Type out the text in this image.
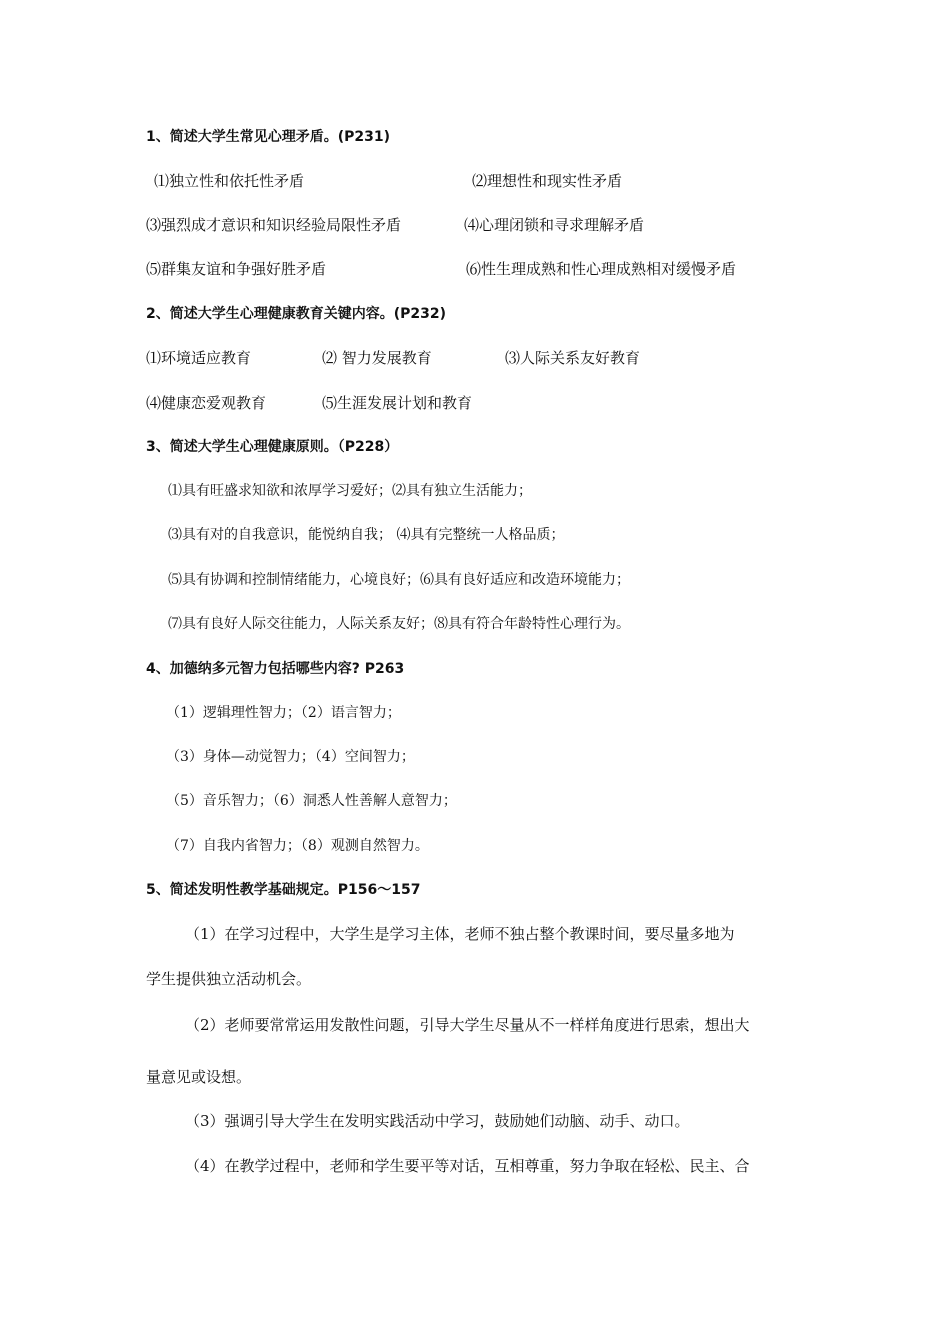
1、简述大学生常见心理矛盾。(P231)
⑴独立性和依托性矛盾	⑵理想性和现实性矛盾
⑶强烈成才意识和知识经验局限性矛盾	⑷心理闭锁和寻求理解矛盾
⑸群集友谊和争强好胜矛盾	⑹性生理成熟和性心理成熟相对缓慢矛盾
2、简述大学生心理健康教育关键内容。(P232)
⑴环境适应教育	⑵ 智力发展教育	⑶人际关系友好教育
⑷健康恋爱观教育	⑸生涯发展计划和教育
3、简述大学生心理健康原则。（P228）
⑴具有旺盛求知欲和浓厚学习爱好；⑵具有独立生活能力；
⑶具有对的自我意识，能悦纳自我； ⑷具有完整统一人格品质；
⑸具有协调和控制情绪能力，心境良好；⑹具有良好适应和改造环境能力；
⑺具有良好人际交往能力，人际关系友好；⑻具有符合年龄特性心理行为。
4、加德纳多元智力包括哪些内容? P263
（1）逻辑理性智力；（2）语言智力；
（3）身体—动觉智力；（4）空间智力；
（5）音乐智力；（6）洞悉人性善解人意智力；
（7）自我内省智力；（8）观测自然智力。
5、简述发明性教学基础规定。P156～157
（1）在学习过程中，大学生是学习主体，老师不独占整个教课时间，要尽量多地为
学生提供独立活动机会。
（2）老师要常常运用发散性问题，引导大学生尽量从不一样样角度进行思索，想出大
量意见或设想。
（3）强调引导大学生在发明实践活动中学习，鼓励她们动脑、动手、动口。
（4）在教学过程中，老师和学生要平等对话，互相尊重，努力争取在轻松、民主、合
